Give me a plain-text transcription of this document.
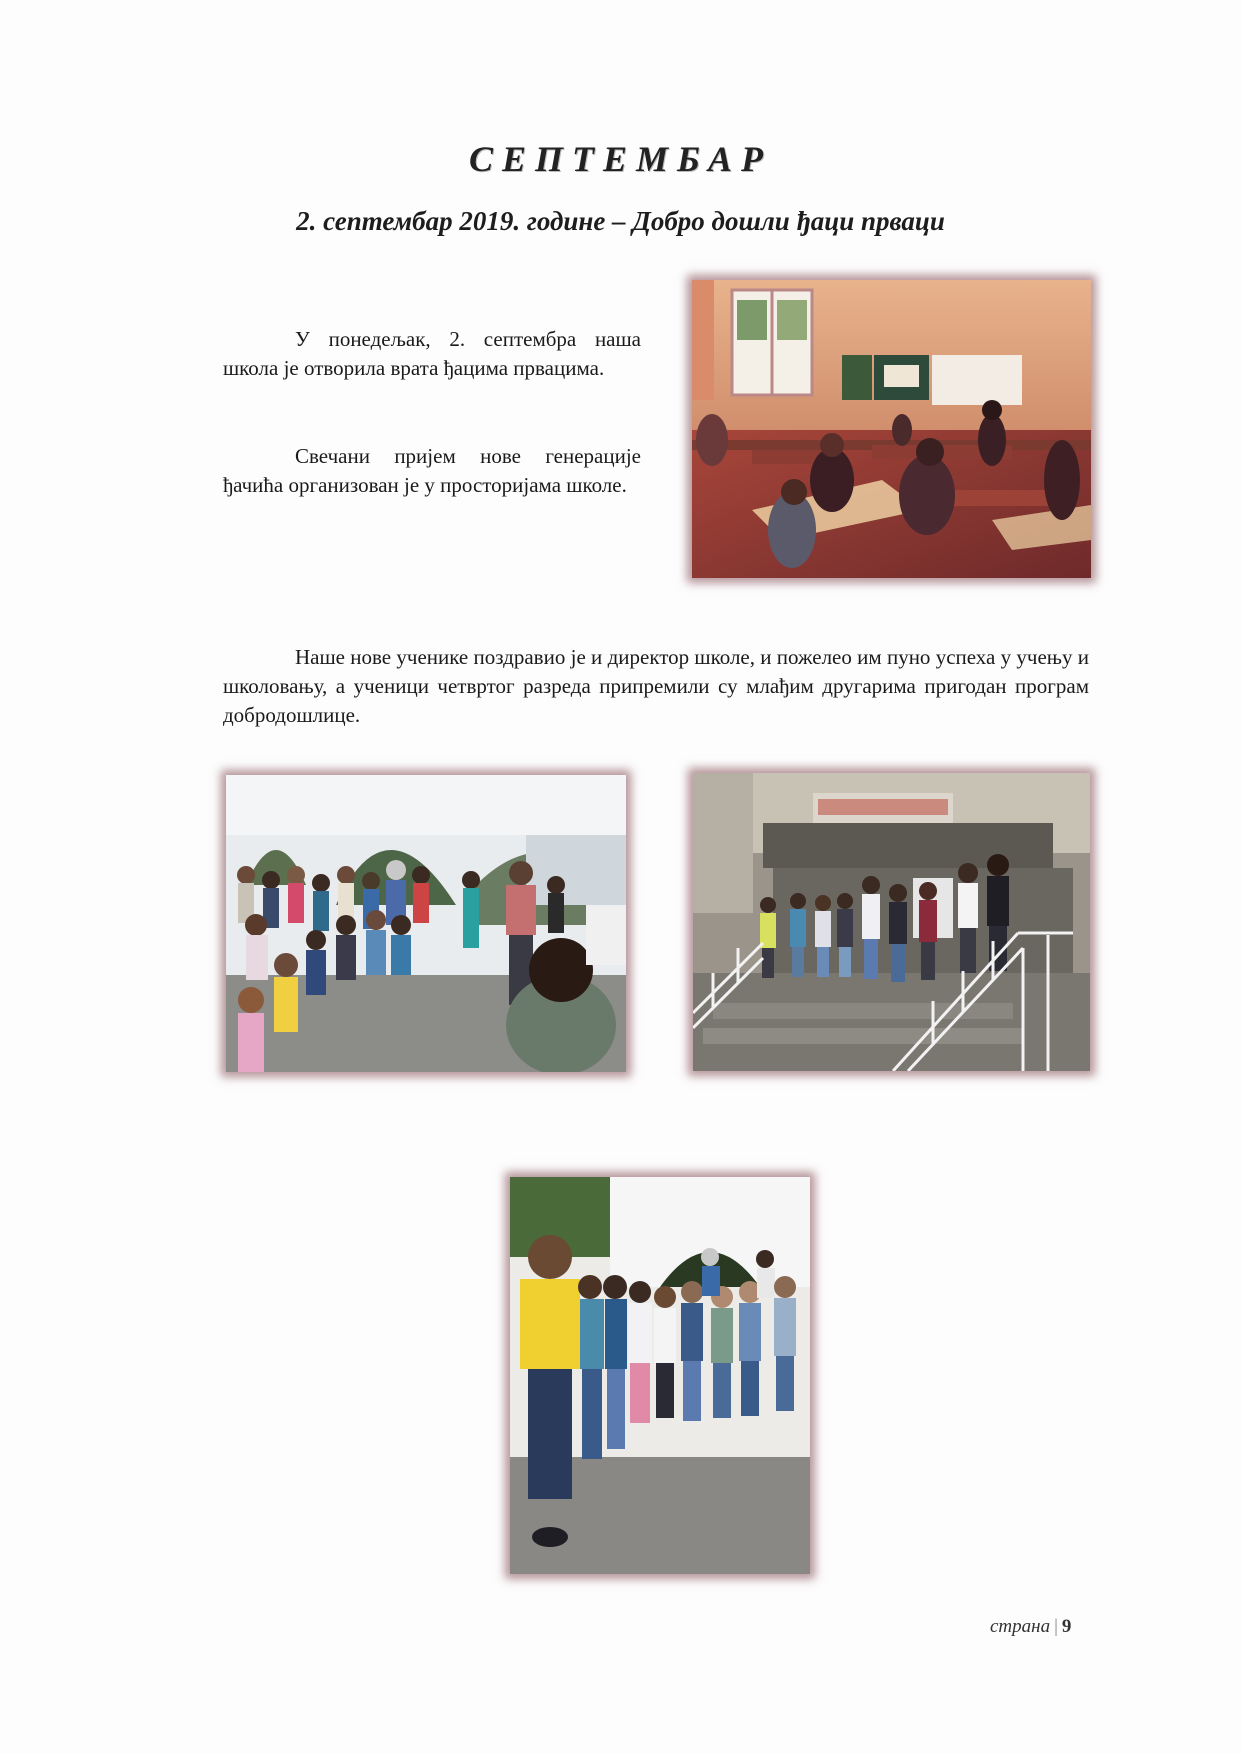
СЕПТЕМБАР
2. септембар 2019. године – Добро дошли ђаци прваци

У понедељак, 2. септембра наша школа је отворила врата ђацима првацима.

Свечани пријем нове генерације ђачића организован је у просторијама школе.

Наше нове ученике поздравио је и директор школе, и пожелео им пуно успеха у учењу и школовању, а ученици четвртог разреда припремили су млађим другарима пригодан програм добродошлице.

страна | 9
